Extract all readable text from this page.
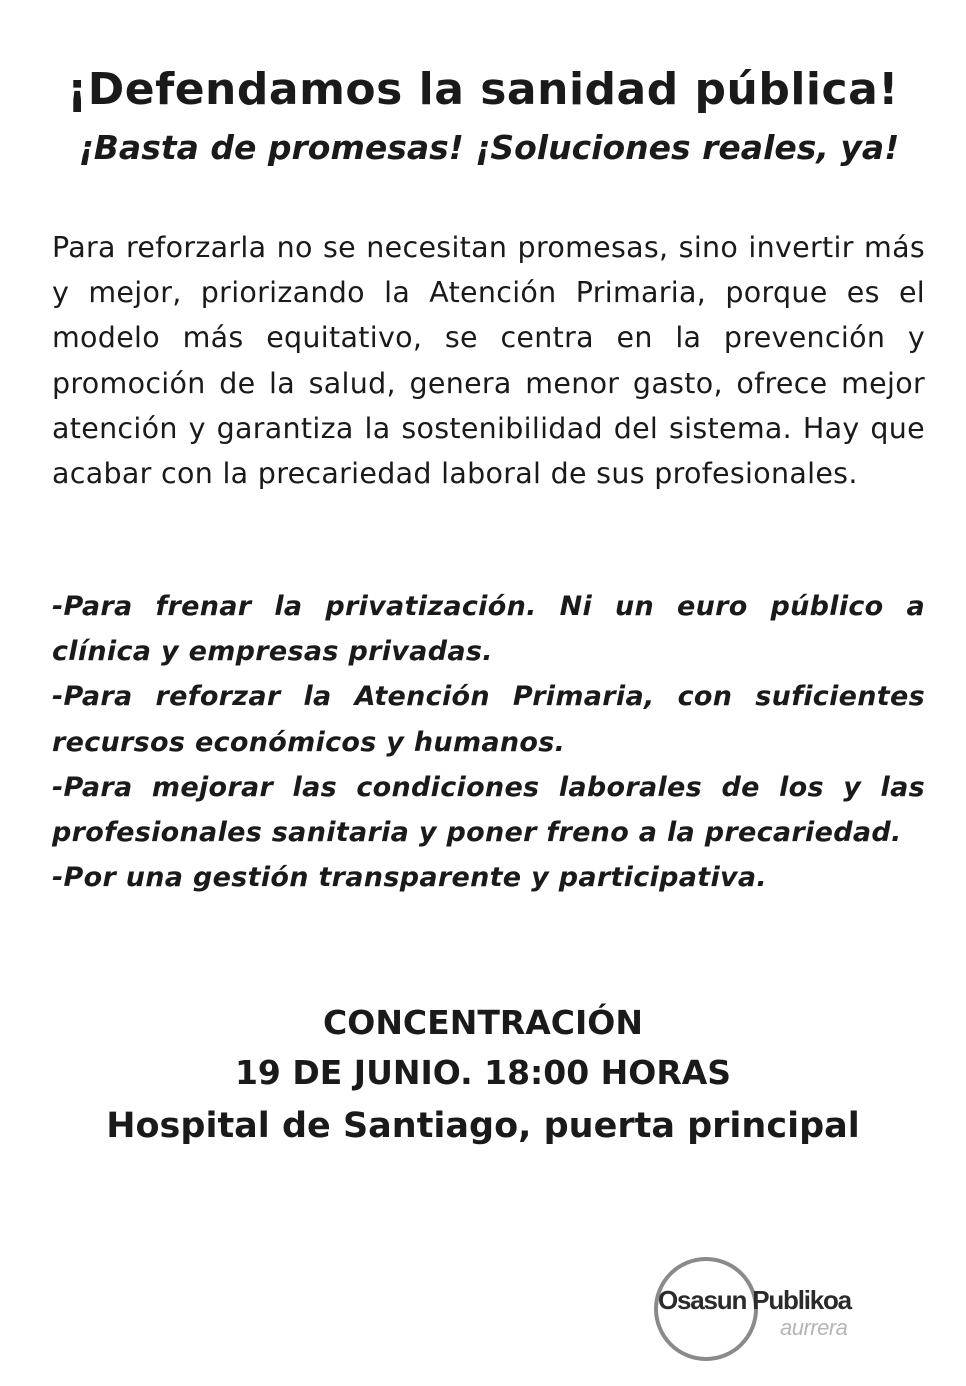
¡Defendamos la sanidad pública!

¡Basta de promesas! ¡Soluciones reales, ya!

Para reforzarla no se necesitan promesas, sino invertir más y mejor, priorizando la Atención Primaria, porque es el modelo más equitativo, se centra en la prevención y promoción de la salud, genera menor gasto, ofrece mejor atención y garantiza la sostenibilidad del sistema. Hay que acabar con la precariedad laboral de sus profesionales.

-Para frenar la privatización. Ni un euro público a clínica y empresas privadas.
-Para reforzar la Atención Primaria, con suficientes recursos económicos y humanos.
-Para mejorar las condiciones laborales de los y las profesionales sanitaria y poner freno a la precariedad.
-Por una gestión transparente y participativa.
CONCENTRACIÓN
19 DE JUNIO. 18:00 HORAS
Hospital de Santiago, puerta principal
Osasun Publikoa
aurrera
